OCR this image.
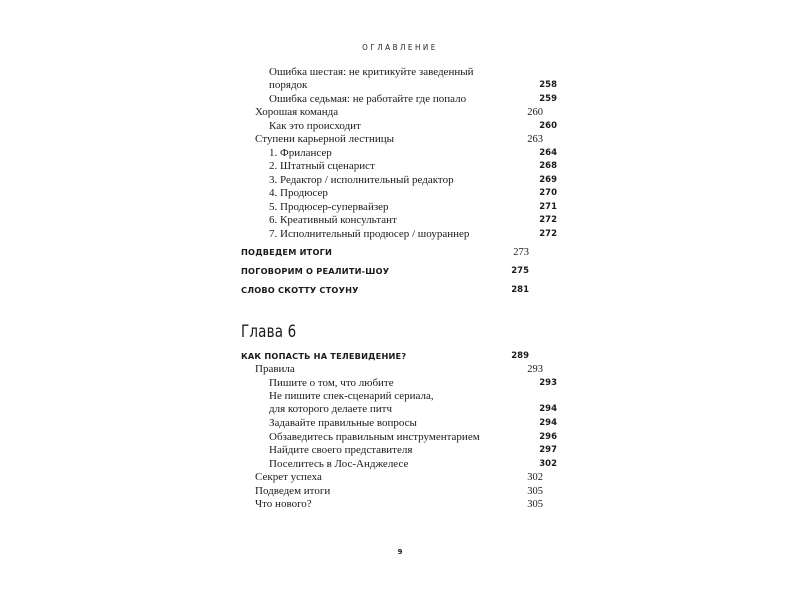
ОГЛАВЛЕНИЕ
Ошибка шестая: не критикуйте заведенный порядок	258
Ошибка седьмая: не работайте где попало	259
Хорошая команда	260
Как это происходит	260
Ступени карьерной лестницы	263
1. Фрилансер	264
2. Штатный сценарист	268
3. Редактор / исполнительный редактор	269
4. Продюсер	270
5. Продюсер-супервайзер	271
6. Креативный консультант	272
7. Исполнительный продюсер / шоураннер	272
ПОДВЕДЕМ ИТОГИ	273
ПОГОВОРИМ О РЕАЛИТИ-ШОУ	275
СЛОВО СКОТТУ СТОУНУ	281
КАК ПОПАСТЬ НА ТЕЛЕВИДЕНИЕ?	289
Правила	293
Пишите о том, что любите	293
Не пишите спек-сценарий сериала, для которого делаете питч	294
Задавайте правильные вопросы	294
Обзаведитесь правильным инструментарием	296
Найдите своего представителя	297
Поселитесь в Лос-Анджелесе	302
Секрет успеха	302
Подведем итоги	305
Что нового?	305
Глава 6
9
